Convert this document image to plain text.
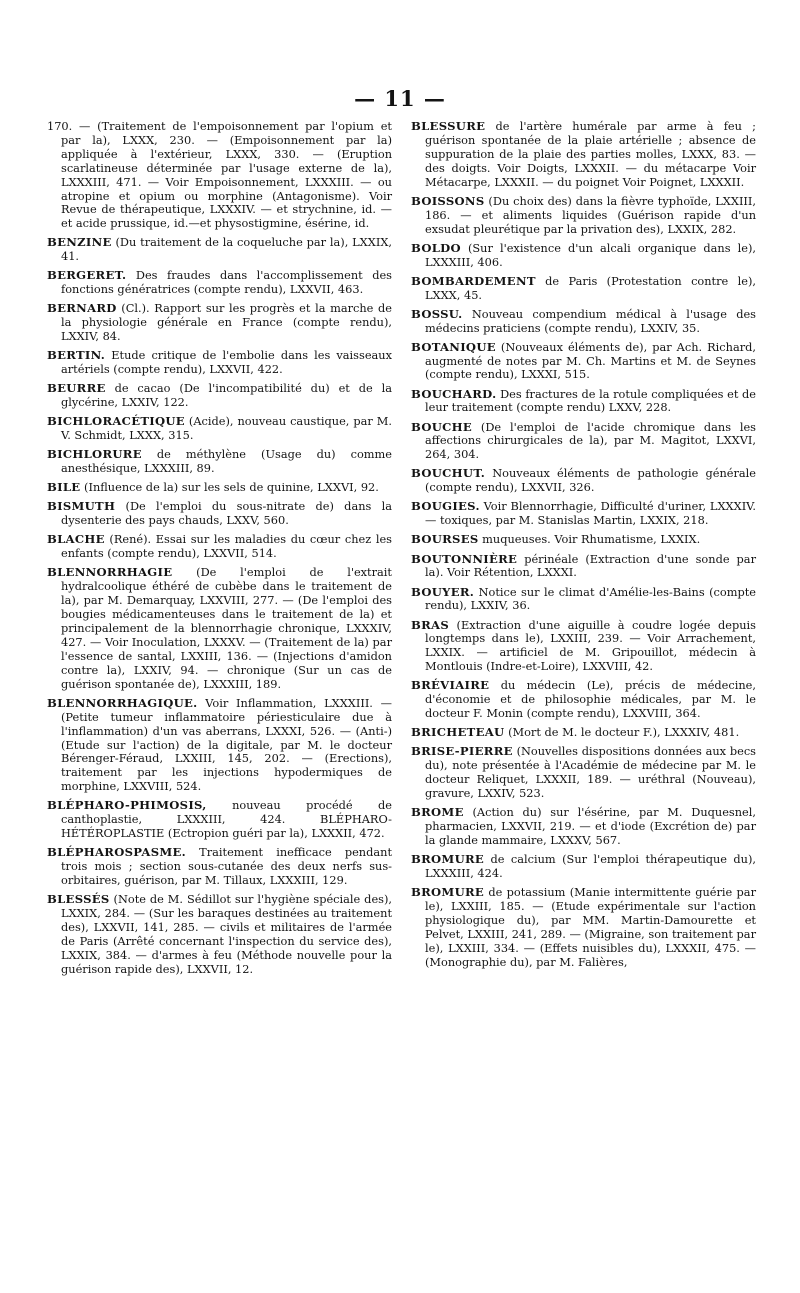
— 11 —

170. — (Traitement de l'empoisonnement par l'opium et par la), LXXX, 230. — (Empoisonnement par la) appliquée à l'extérieur, LXXX, 330. — (Eruption scarlatineuse déterminée par l'usage externe de la), LXXXIII, 471. — Voir Empoisonnement, LXXXIII. — ou atropine et opium ou morphine (Antagonisme). Voir Revue de thérapeutique, LXXXIV. — et strychnine, id. — et acide prussique, id.—et physostigmine, ésérine, id.

BENZINE (Du traitement de la coqueluche par la), LXXIX, 41.

BERGERET. Des fraudes dans l'accomplissement des fonctions génératrices (compte rendu), LXXVII, 463.

BERNARD (Cl.). Rapport sur les progrès et la marche de la physiologie générale en France (compte rendu), LXXIV, 84.

BERTIN. Etude critique de l'embolie dans les vaisseaux artériels (compte rendu), LXXVII, 422.

BEURRE de cacao (De l'incompatibilité du) et de la glycérine, LXXIV, 122.

BICHLORACÉTIQUE (Acide), nouveau caustique, par M. V. Schmidt, LXXX, 315.

BICHLORURE de méthylène (Usage du) comme anesthésique, LXXXIII, 89.

BILE (Influence de la) sur les sels de quinine, LXXVI, 92.

BISMUTH (De l'emploi du sous-nitrate de) dans la dysenterie des pays chauds, LXXV, 560.

BLACHE (René). Essai sur les maladies du cœur chez les enfants (compte rendu), LXXVII, 514.

BLENNORRHAGIE (De l'emploi de l'extrait hydralcoolique éthéré de cubèbe dans le traitement de la), par M. Demarquay, LXXVIII, 277. — (De l'emploi des bougies médicamenteuses dans le traitement de la) et principalement de la blennorrhagie chronique, LXXXIV, 427. — Voir Inoculation, LXXXV. — (Traitement de la) par l'essence de santal, LXXIII, 136. — (Injections d'amidon contre la), LXXIV, 94. — chronique (Sur un cas de guérison spontanée de), LXXXIII, 189.

BLENNORRHAGIQUE. Voir Inflammation, LXXXIII. — (Petite tumeur inflammatoire périesticulaire due à l'inflammation) d'un vas aberrans, LXXXI, 526. — (Anti-) (Etude sur l'action) de la digitale, par M. le docteur Bérenger-Féraud, LXXIII, 145, 202. — (Erections), traitement par les injections hypodermiques de morphine, LXXVIII, 524.

BLÉPHARO-PHIMOSIS, nouveau procédé de canthoplastie, LXXXIII, 424. BLÉPHARO-HÉTÉROPLASTIE (Ectropion guéri par la), LXXXII, 472.

BLÉPHAROSPASME. Traitement inefficace pendant trois mois ; section sous-cutanée des deux nerfs sus-orbitaires, guérison, par M. Tillaux, LXXXIII, 129.

BLESSÉS (Note de M. Sédillot sur l'hygiène spéciale des), LXXIX, 284. — (Sur les baraques destinées au traitement des), LXXVII, 141, 285. — civils et militaires de l'armée de Paris (Arrêté concernant l'inspection du service des), LXXIX, 384. — d'armes à feu (Méthode nouvelle pour la guérison rapide des), LXXVII, 12.

BLESSURE de l'artère humérale par arme à feu ; guérison spontanée de la plaie artérielle ; absence de suppuration de la plaie des parties molles, LXXX, 83. — des doigts. Voir Doigts, LXXXII. — du métacarpe Voir Métacarpe, LXXXII. — du poignet Voir Poignet, LXXXII.

BOISSONS (Du choix des) dans la fièvre typhoïde, LXXIII, 186. — et aliments liquides (Guérison rapide d'un exsudat pleurétique par la privation des), LXXIX, 282.

BOLDO (Sur l'existence d'un alcali organique dans le), LXXXIII, 406.

BOMBARDEMENT de Paris (Protestation contre le), LXXX, 45.

BOSSU. Nouveau compendium médical à l'usage des médecins praticiens (compte rendu), LXXIV, 35.

BOTANIQUE (Nouveaux éléments de), par Ach. Richard, augmenté de notes par M. Ch. Martins et M. de Seynes (compte rendu), LXXXI, 515.

BOUCHARD. Des fractures de la rotule compliquées et de leur traitement (compte rendu) LXXV, 228.

BOUCHE (De l'emploi de l'acide chromique dans les affections chirurgicales de la), par M. Magitot, LXXVI, 264, 304.

BOUCHUT. Nouveaux éléments de pathologie générale (compte rendu), LXXVII, 326.

BOUGIES. Voir Blennorrhagie, Difficulté d'uriner, LXXXIV. — toxiques, par M. Stanislas Martin, LXXIX, 218.

BOURSES muqueuses. Voir Rhumatisme, LXXIX.

BOUTONNIÈRE périnéale (Extraction d'une sonde par la). Voir Rétention, LXXXI.

BOUYER. Notice sur le climat d'Amélie-les-Bains (compte rendu), LXXIV, 36.

BRAS (Extraction d'une aiguille à coudre logée depuis longtemps dans le), LXXIII, 239. — Voir Arrachement, LXXIX. — artificiel de M. Gripouillot, médecin à Montlouis (Indre-et-Loire), LXXVIII, 42.

BRÉVIAIRE du médecin (Le), précis de médecine, d'économie et de philosophie médicales, par M. le docteur F. Monin (compte rendu), LXXVIII, 364.

BRICHETEAU (Mort de M. le docteur F.), LXXXIV, 481.

BRISE-PIERRE (Nouvelles dispositions données aux becs du), note présentée à l'Académie de médecine par M. le docteur Reliquet, LXXXII, 189. — uréthral (Nouveau), gravure, LXXIV, 523.

BROME (Action du) sur l'ésérine, par M. Duquesnel, pharmacien, LXXVII, 219. — et d'iode (Excrétion de) par la glande mammaire, LXXXV, 567.

BROMURE de calcium (Sur l'emploi thérapeutique du), LXXXIII, 424.

BROMURE de potassium (Manie intermittente guérie par le), LXXIII, 185. — (Etude expérimentale sur l'action physiologique du), par MM. Martin-Damourette et Pelvet, LXXIII, 241, 289. — (Migraine, son traitement par le), LXXIII, 334. — (Effets nuisibles du), LXXXII, 475. — (Monographie du), par M. Falières,
